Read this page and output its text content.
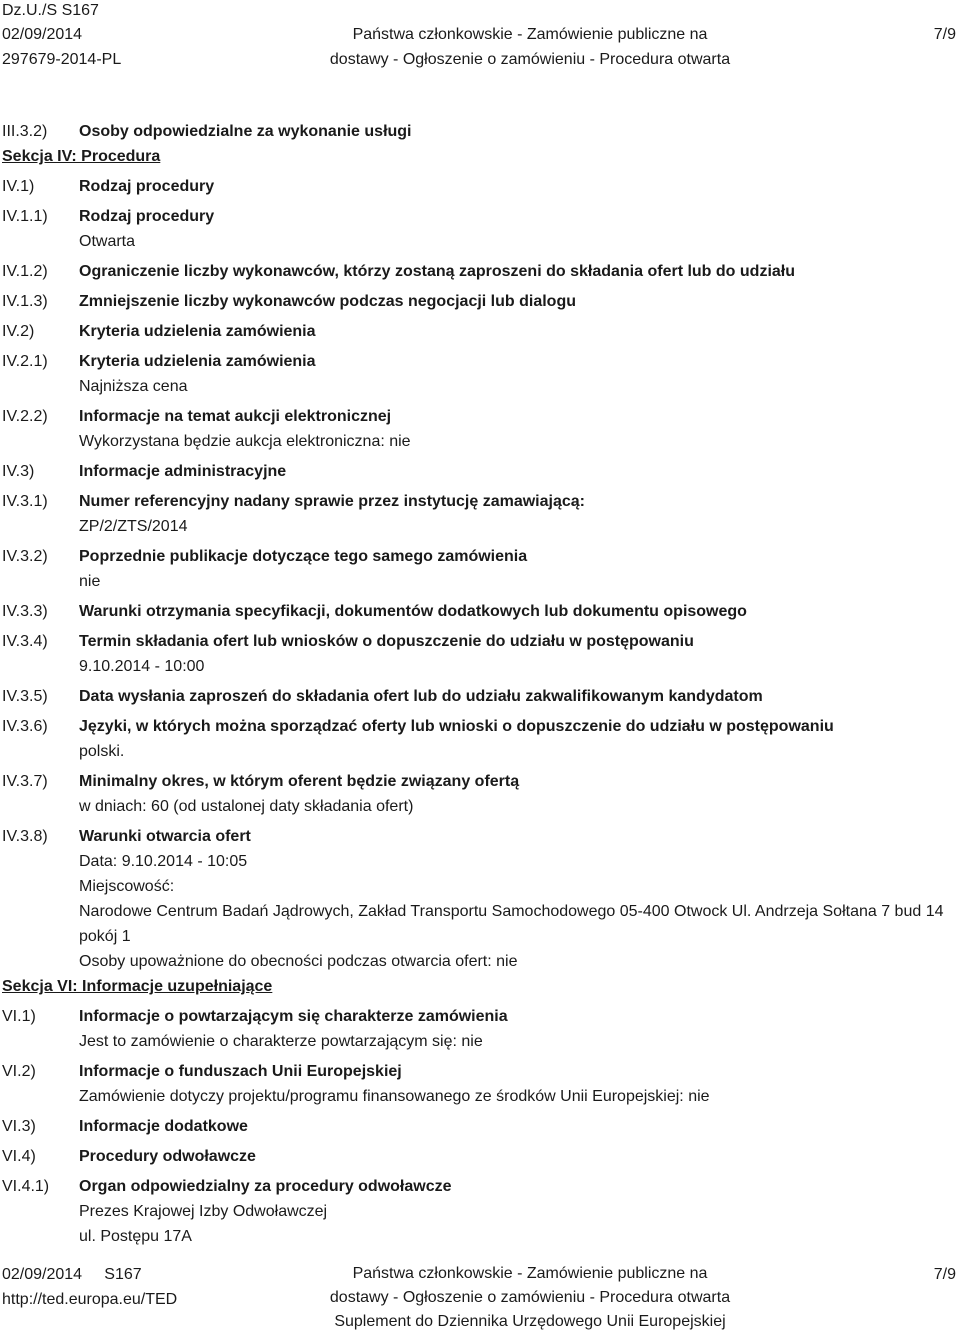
Dz.U./S S167
02/09/2014
297679-2014-PL
Państwa członkowskie - Zamówienie publiczne na
dostawy - Ogłoszenie o zamówieniu - Procedura otwarta
7/9
III.3.2)	Osoby odpowiedzialne za wykonanie usługi
Sekcja IV: Procedura
IV.1)	Rodzaj procedury
IV.1.1)	Rodzaj procedury
Otwarta
IV.1.2)	Ograniczenie liczby wykonawców, którzy zostaną zaproszeni do składania ofert lub do udziału
IV.1.3)	Zmniejszenie liczby wykonawców podczas negocjacji lub dialogu
IV.2)	Kryteria udzielenia zamówienia
IV.2.1)	Kryteria udzielenia zamówienia
Najniższa cena
IV.2.2)	Informacje na temat aukcji elektronicznej
Wykorzystana będzie aukcja elektroniczna: nie
IV.3)	Informacje administracyjne
IV.3.1)	Numer referencyjny nadany sprawie przez instytucję zamawiającą:
ZP/2/ZTS/2014
IV.3.2)	Poprzednie publikacje dotyczące tego samego zamówienia
nie
IV.3.3)	Warunki otrzymania specyfikacji, dokumentów dodatkowych lub dokumentu opisowego
IV.3.4)	Termin składania ofert lub wniosków o dopuszczenie do udziału w postępowaniu
9.10.2014 - 10:00
IV.3.5)	Data wysłania zaproszeń do składania ofert lub do udziału zakwalifikowanym kandydatom
IV.3.6)	Języki, w których można sporządzać oferty lub wnioski o dopuszczenie do udziału w postępowaniu
polski.
IV.3.7)	Minimalny okres, w którym oferent będzie związany ofertą
w dniach: 60 (od ustalonej daty składania ofert)
IV.3.8)	Warunki otwarcia ofert
Data: 9.10.2014 - 10:05
Miejscowość:
Narodowe Centrum Badań Jądrowych, Zakład Transportu Samochodowego 05-400 Otwock Ul. Andrzeja Sołtana 7 bud 14 pokój 1
Osoby upoważnione do obecności podczas otwarcia ofert: nie
Sekcja VI: Informacje uzupełniające
VI.1)	Informacje o powtarzającym się charakterze zamówienia
Jest to zamówienie o charakterze powtarzającym się: nie
VI.2)	Informacje o funduszach Unii Europejskiej
Zamówienie dotyczy projektu/programu finansowanego ze środków Unii Europejskiej: nie
VI.3)	Informacje dodatkowe
VI.4)	Procedury odwoławcze
VI.4.1)	Organ odpowiedzialny za procedury odwoławcze
Prezes Krajowej Izby Odwoławczej
ul. Postępu 17A
02/09/2014     S167
http://ted.europa.eu/TED
Państwa członkowskie - Zamówienie publiczne na
dostawy - Ogłoszenie o zamówieniu - Procedura otwarta
Suplement do Dziennika Urzędowego Unii Europejskiej
7/9
